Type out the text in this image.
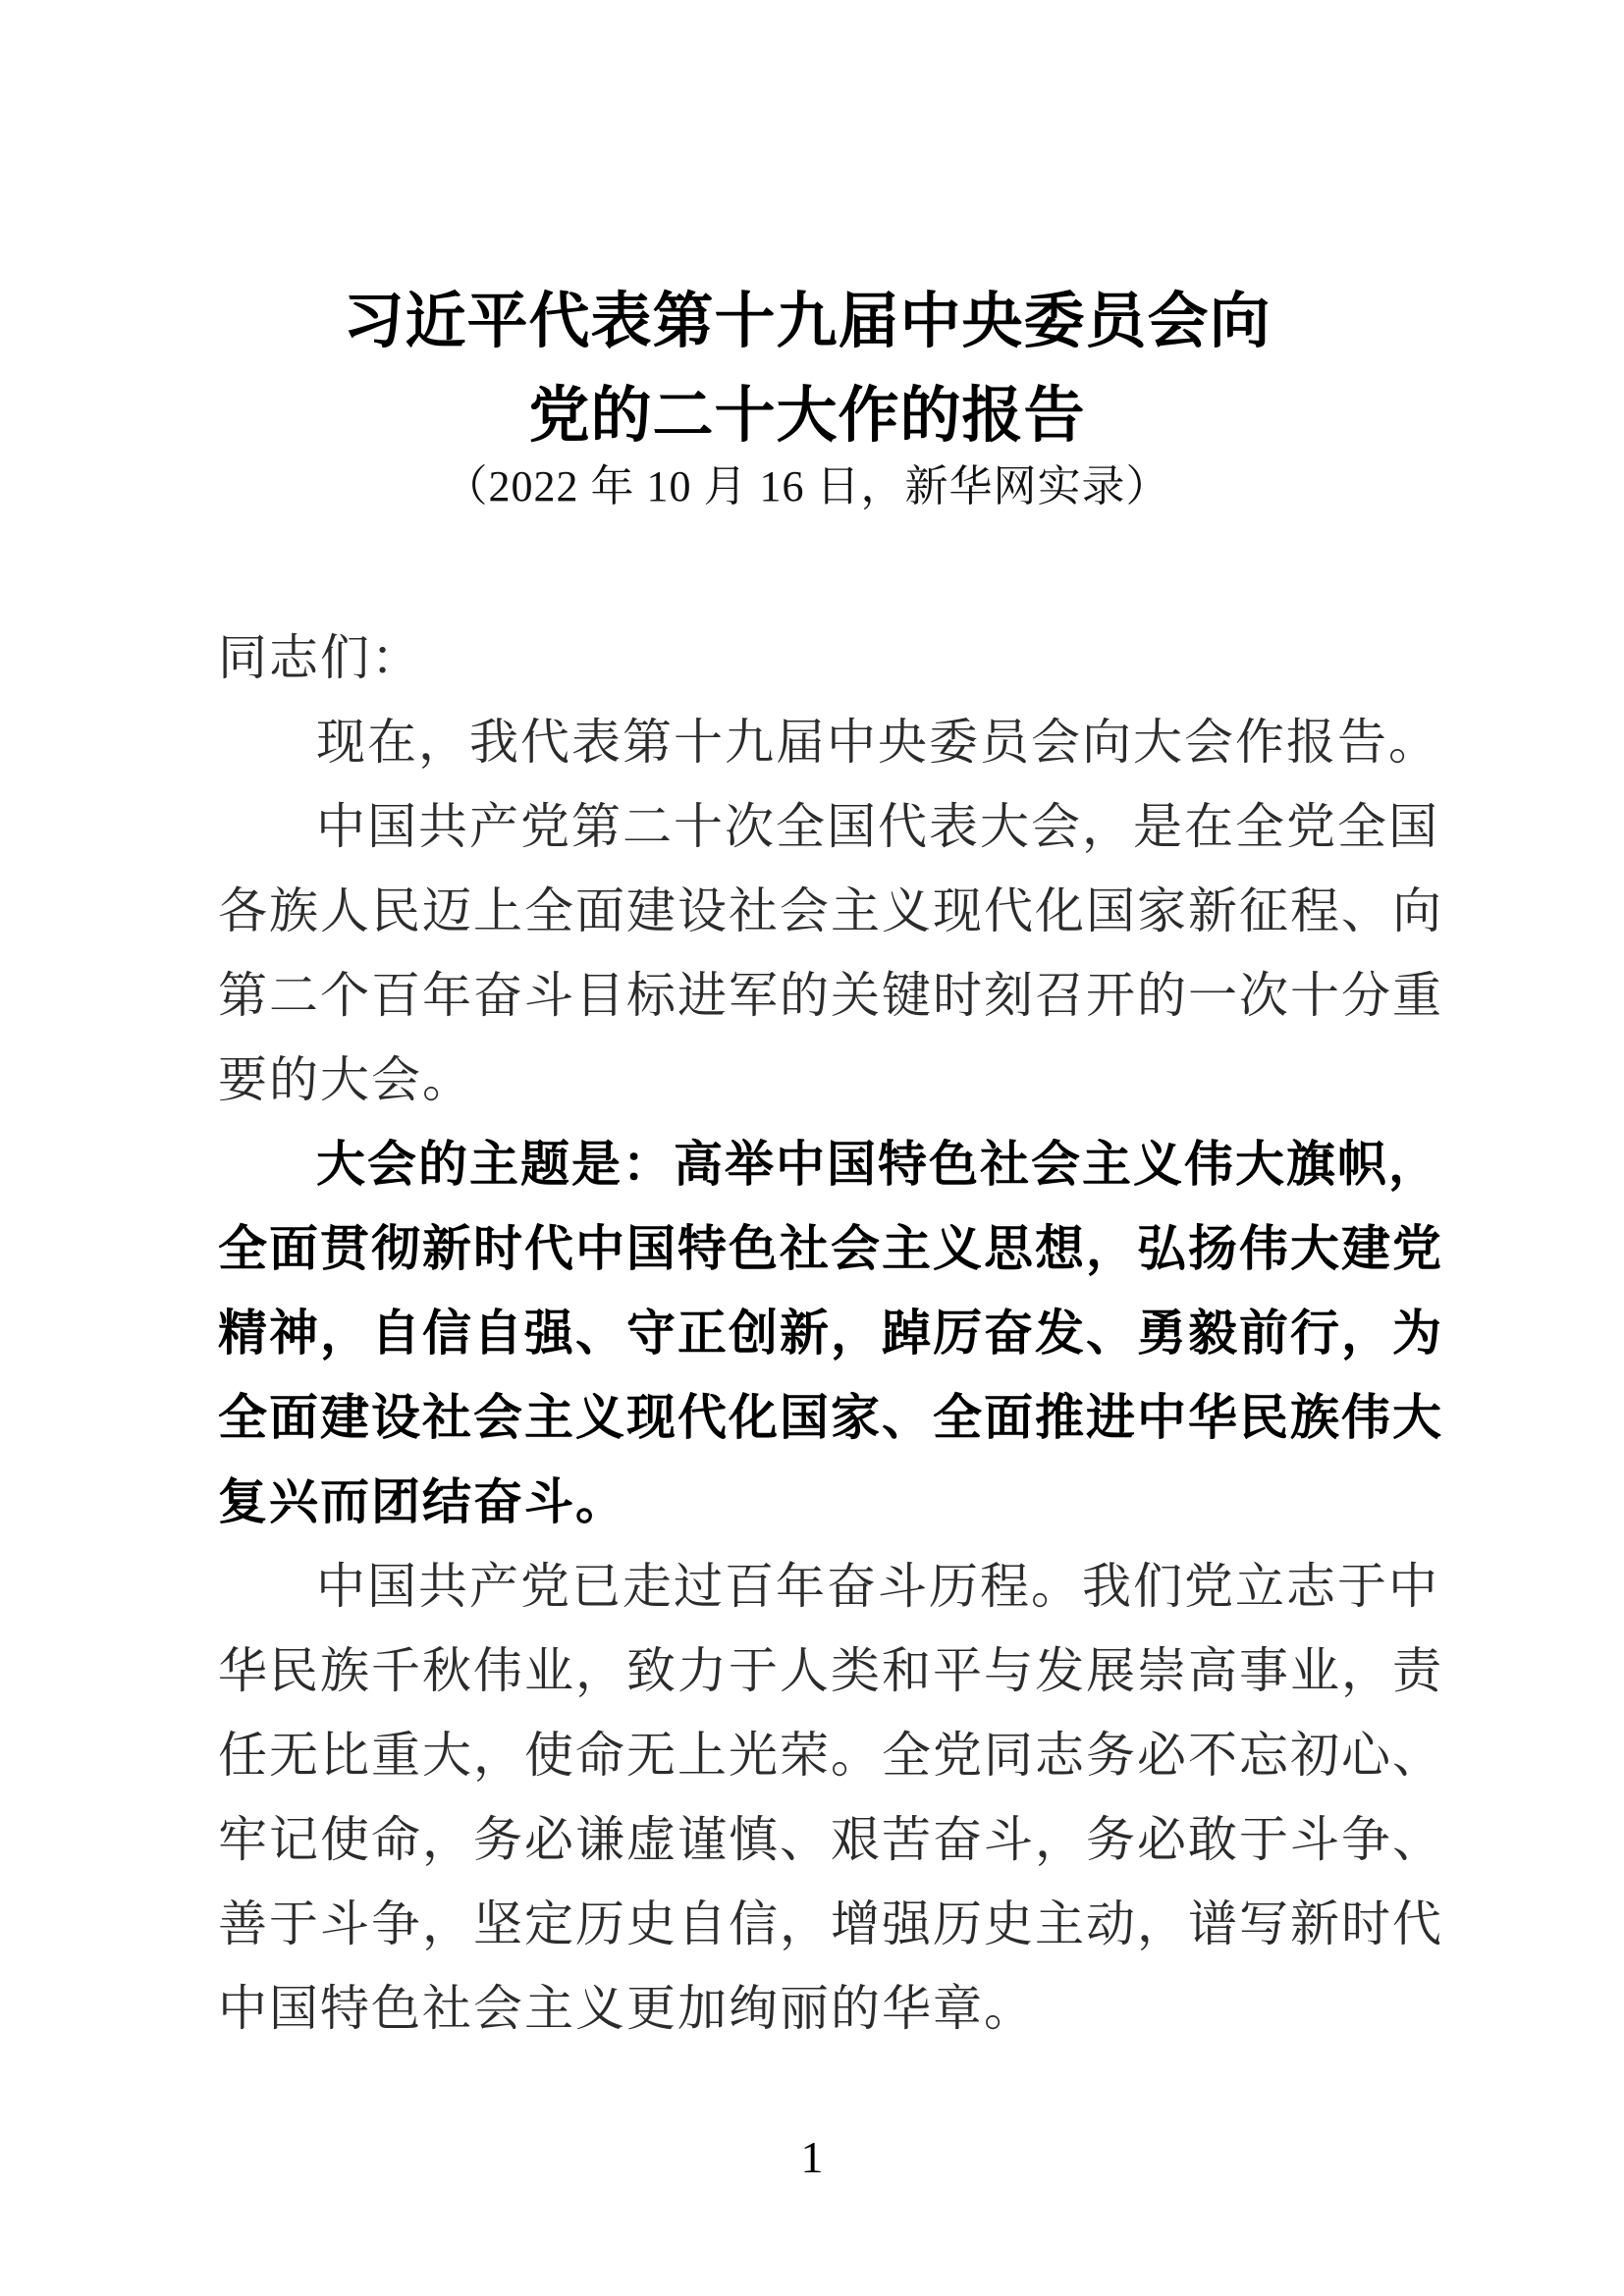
习近平代表第十九届中央委员会向
党的二十大作的报告
（2022 年 10 月 16 日，新华网实录）
同志们：
现在，我代表第十九届中央委员会向大会作报告。
中国共产党第二十次全国代表大会，是在全党全国
各族人民迈上全面建设社会主义现代化国家新征程、向
第二个百年奋斗目标进军的关键时刻召开的一次十分重
要的大会。
大会的主题是：高举中国特色社会主义伟大旗帜，
全面贯彻新时代中国特色社会主义思想，弘扬伟大建党
精神，自信自强、守正创新，踔厉奋发、勇毅前行，为
全面建设社会主义现代化国家、全面推进中华民族伟大
复兴而团结奋斗。
中国共产党已走过百年奋斗历程。我们党立志于中
华民族千秋伟业，致力于人类和平与发展崇高事业，责
任无比重大，使命无上光荣。全党同志务必不忘初心、
牢记使命，务必谦虚谨慎、艰苦奋斗，务必敢于斗争、
善于斗争，坚定历史自信，增强历史主动，谱写新时代
中国特色社会主义更加绚丽的华章。
1
